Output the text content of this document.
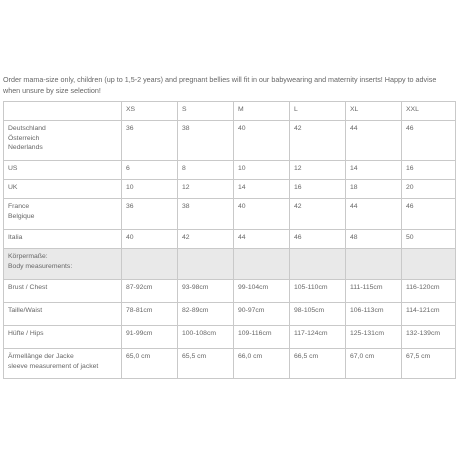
Order mama-size only, children (up to 1,5-2 years) and pregnant bellies will fit in our babywearing and maternity inserts! Happy to advise when unsure by size selection!
	XS	S	M	L	XL	XXL

Deutschland
Österreich
Nederlands	36	38	40	42	44	46

US	6	8	10	12	14	16

UK	10	12	14	16	18	20

France
Belgique	36	38	40	42	44	46

Italia	40	42	44	46	48	50

Körpermaße:
Body measurements:						

Brust / Chest	87-92cm	93-98cm	99-104cm	105-110cm	111-115cm	116-120cm

Taille/Waist	78-81cm	82-89cm	90-97cm	98-105cm	106-113cm	114-121cm

Hüfte / Hips	91-99cm	100-108cm	109-116cm	117-124cm	125-131cm	132-139cm

Ärmellänge der Jacke
sleeve measurement of jacket	65,0 cm	65,5 cm	66,0 cm	66,5 cm	67,0 cm	67,5 cm
